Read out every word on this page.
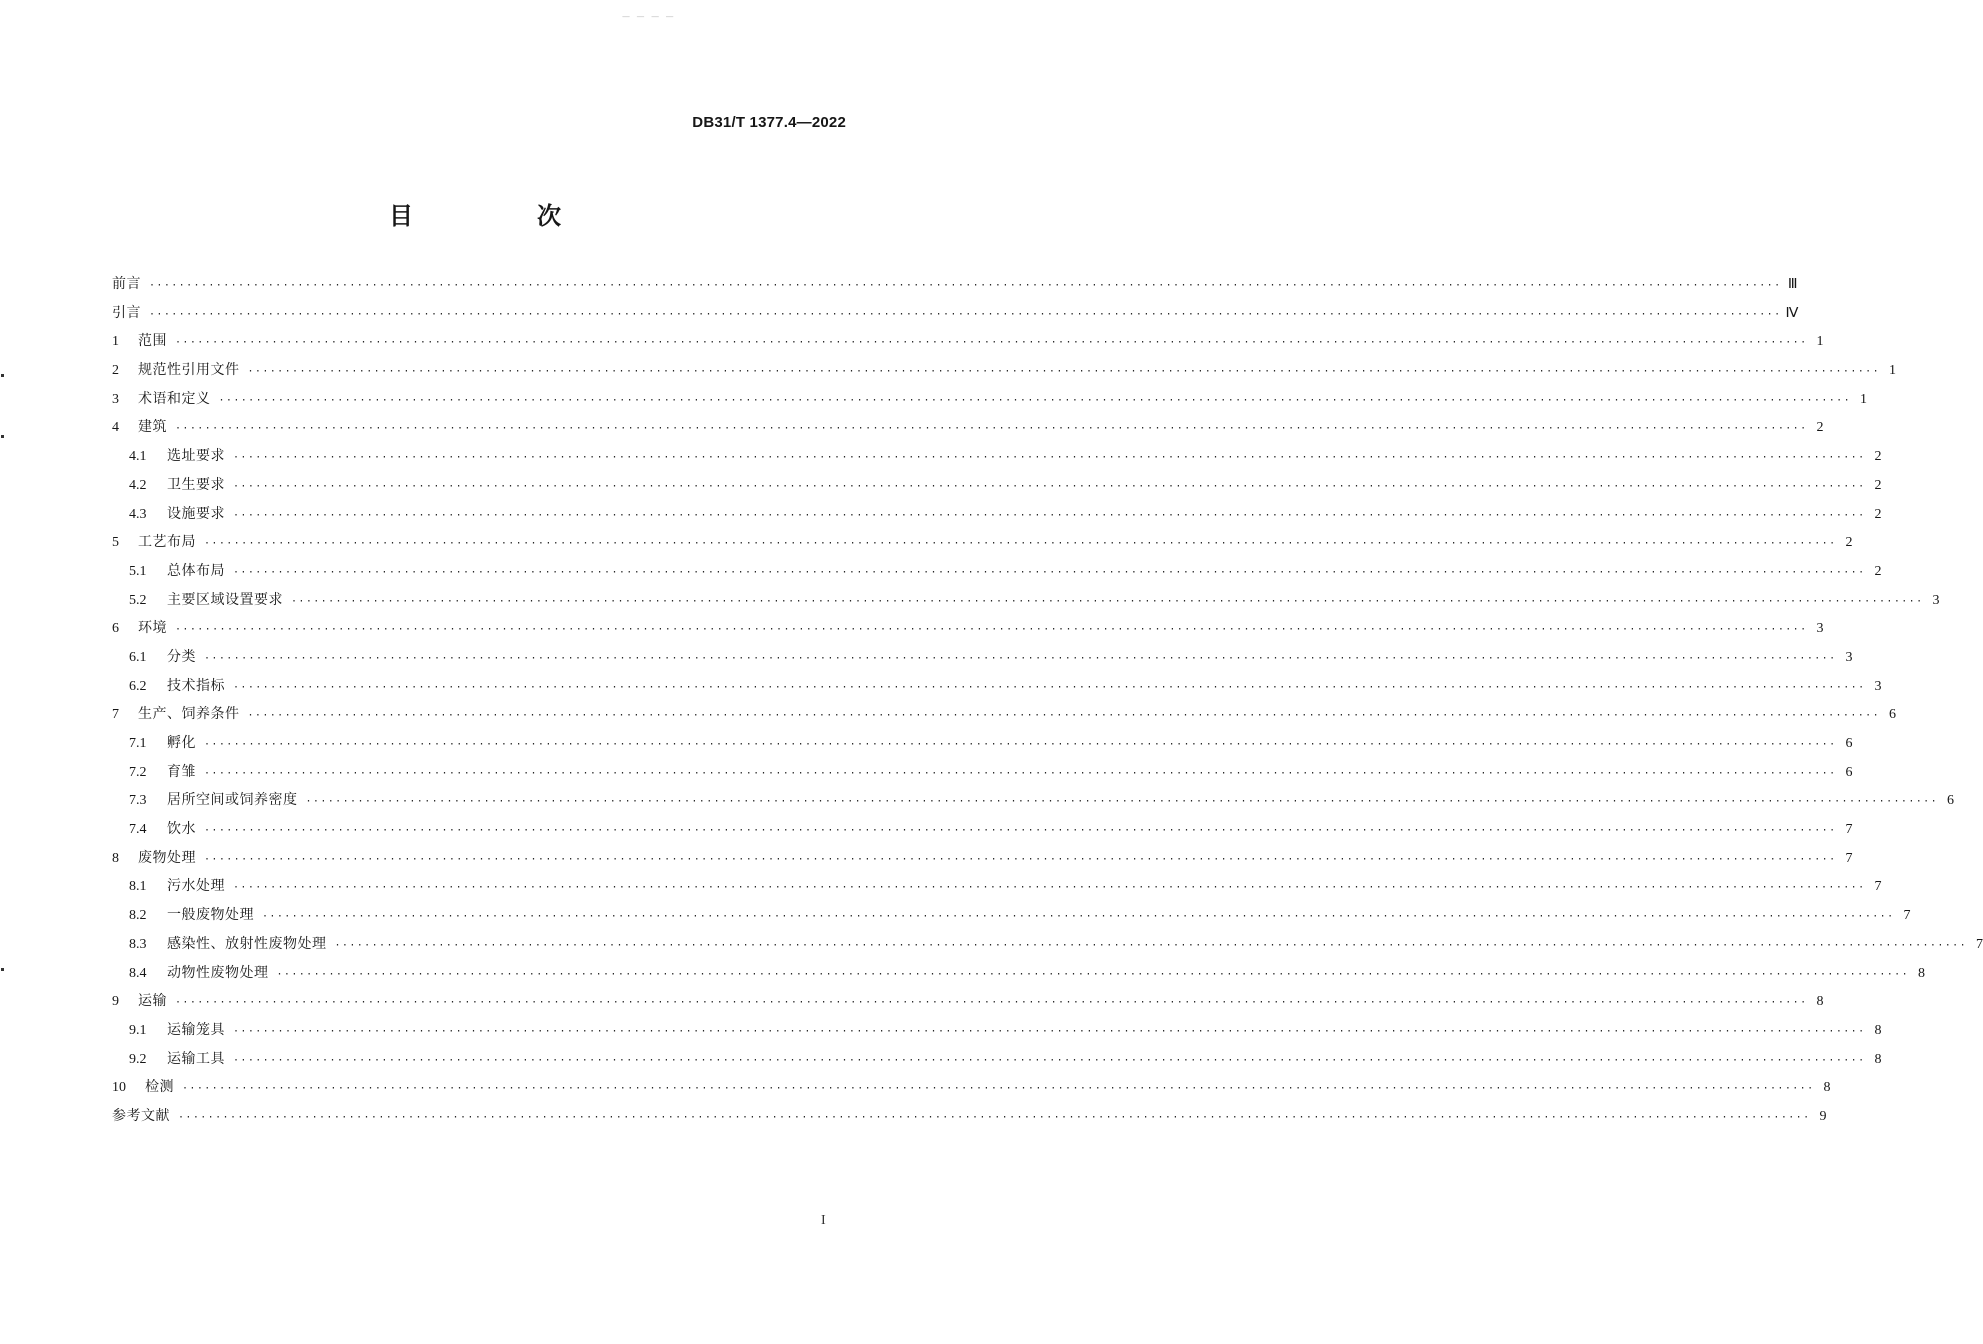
— — — —
DB31/T 1377.4—2022
目　次
前言 ···························································································································································································································· Ⅲ
引言 ···························································································································································································································· Ⅳ
1	范围 ···························································································································································································································· 1
2	规范性引用文件 ···························································································································································································································· 1
3	术语和定义 ···························································································································································································································· 1
4	建筑 ···························································································································································································································· 2
4.1	选址要求 ···························································································································································································································· 2
4.2	卫生要求 ···························································································································································································································· 2
4.3	设施要求 ···························································································································································································································· 2
5	工艺布局 ···························································································································································································································· 2
5.1	总体布局 ···························································································································································································································· 2
5.2	主要区域设置要求 ···························································································································································································································· 3
6	环境 ···························································································································································································································· 3
6.1	分类 ···························································································································································································································· 3
6.2	技术指标 ···························································································································································································································· 3
7	生产、饲养条件 ···························································································································································································································· 6
7.1	孵化 ···························································································································································································································· 6
7.2	育雏 ···························································································································································································································· 6
7.3	居所空间或饲养密度 ···························································································································································································································· 6
7.4	饮水 ···························································································································································································································· 7
8	废物处理 ···························································································································································································································· 7
8.1	污水处理 ···························································································································································································································· 7
8.2	一般废物处理 ···························································································································································································································· 7
8.3	感染性、放射性废物处理 ···························································································································································································································· 7
8.4	动物性废物处理 ···························································································································································································································· 8
9	运输 ···························································································································································································································· 8
9.1	运输笼具 ···························································································································································································································· 8
9.2	运输工具 ···························································································································································································································· 8
10	检测 ···························································································································································································································· 8
参考文献 ···························································································································································································································· 9
I
